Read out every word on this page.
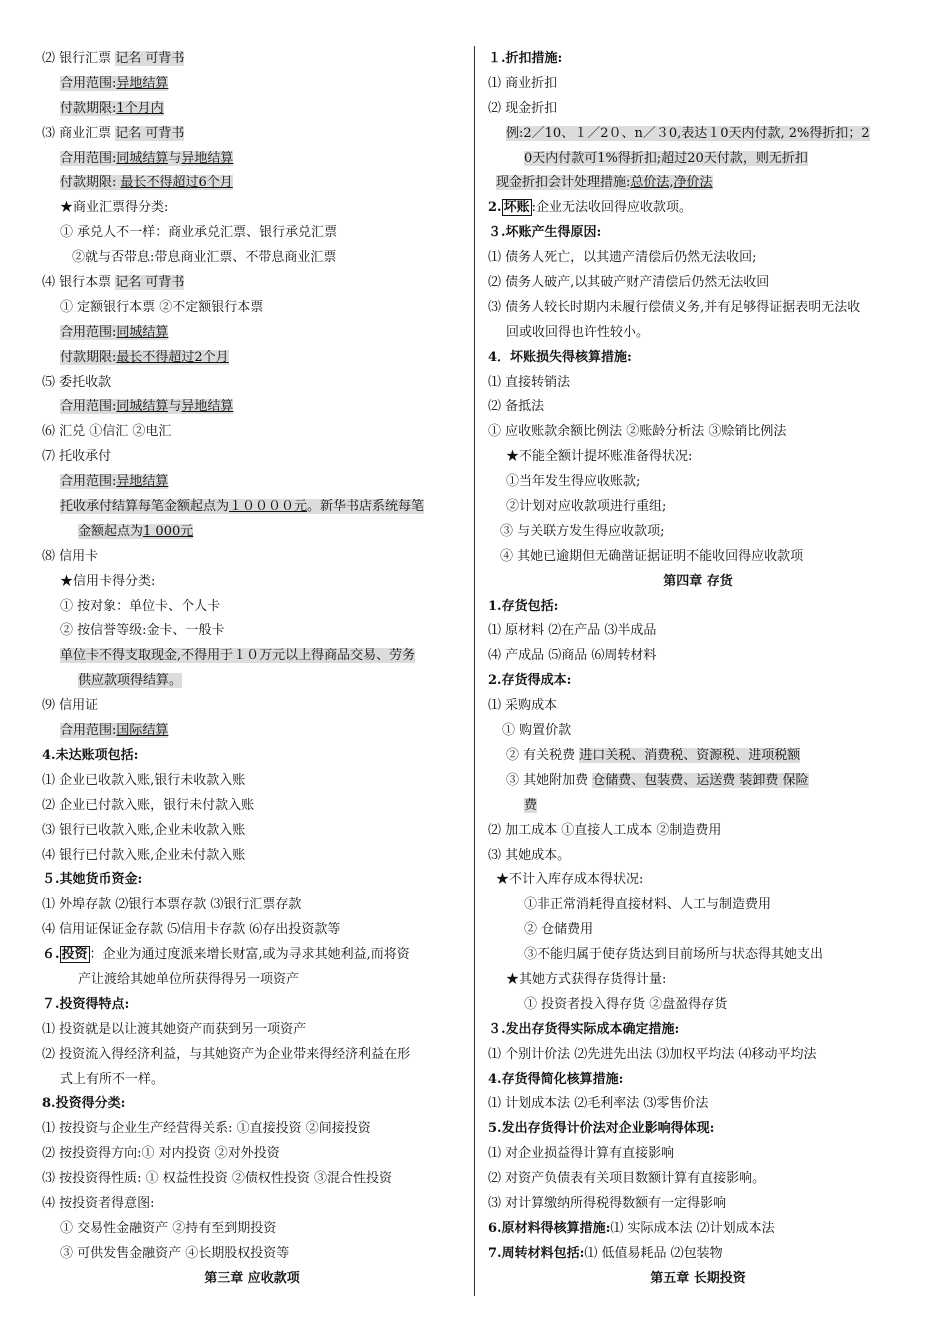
⑵ 银行汇票 记名 可背书
合用范围:异地结算
付款期限:1个月内
⑶ 商业汇票 记名 可背书
合用范围:同城结算与异地结算
付款期限: 最长不得超过6个月
★商业汇票得分类:
① 承兑人不一样：商业承兑汇票、银行承兑汇票
②就与否带息:带息商业汇票、不带息商业汇票
⑷ 银行本票 记名 可背书
① 定额银行本票 ②不定额银行本票
合用范围:同城结算
付款期限:最长不得超过2个月
⑸ 委托收款
合用范围:同城结算与异地结算
⑹ 汇兑 ①信汇 ②电汇
⑺ 托收承付
合用范围:异地结算
托收承付结算每笔金额起点为１００００元。新华书店系统每笔
金额起点为1 000元
⑻ 信用卡
★信用卡得分类:
① 按对象：单位卡、个人卡
② 按信誉等级:金卡、一般卡
单位卡不得支取现金,不得用于１０万元以上得商品交易、劳务
供应款项得结算。
⑼ 信用证
合用范围:国际结算
4.未达账项包括:
⑴ 企业已收款入账,银行未收款入账
⑵ 企业已付款入账，银行未付款入账
⑶ 银行已收款入账,企业未收款入账
⑷ 银行已付款入账,企业未付款入账
５.其她货币资金:
⑴ 外埠存款 ⑵银行本票存款 ⑶银行汇票存款
⑷ 信用证保证金存款 ⑸信用卡存款 ⑹存出投资款等
６. 投资 ：企业为通过度派来增长财富,或为寻求其她利益,而将资
产让渡给其她单位所获得得另一项资产
７.投资得特点:
⑴ 投资就是以让渡其她资产而获到另一项资产
⑵ 投资流入得经济利益，与其她资产为企业带来得经济利益在形
式上有所不一样。
8.投资得分类:
⑴ 按投资与企业生产经营得关系: ①直接投资 ②间接投资
⑵ 按投资得方向:① 对内投资 ②对外投资
⑶ 按投资得性质: ① 权益性投资 ②债权性投资 ③混合性投资
⑷ 按投资者得意图:
① 交易性金融资产 ②持有至到期投资
③ 可供发售金融资产 ④长期股权投资等
第三章 应收款项
１.折扣措施:
⑴ 商业折扣
⑵ 现金折扣
例:2／10、１／2０、n／３0,表达１0天内付款, 2%得折扣；2
0天内付款可1%得折扣;超过20天付款，则无折扣
现金折扣会计处理措施:总价法,净价法
2. 坏账 :企业无法收回得应收款项。
３.坏账产生得原因:
⑴ 债务人死亡，以其遗产清偿后仍然无法收回;
⑵ 债务人破产,以其破产财产清偿后仍然无法收回
⑶ 债务人较长时期内未履行偿债义务,并有足够得证据表明无法收
回或收回得也许性较小。
4．坏账损失得核算措施:
⑴ 直接转销法
⑵ 备抵法
① 应收账款余额比例法 ②账龄分析法 ③赊销比例法
★不能全额计提坏账准备得状况:
①当年发生得应收账款;
②计划对应收款项进行重组;
③ 与关联方发生得应收款项;
④ 其她已逾期但无确凿证据证明不能收回得应收款项
第四章 存货
1.存货包括:
⑴ 原材料 ⑵在产品 ⑶半成品
⑷ 产成品 ⑸商品 ⑹周转材料
2.存货得成本:
⑴ 采购成本
① 购置价款
② 有关税费 进口关税、消费税、资源税、进项税额
③ 其她附加费 仓储费、包装费、运送费 装卸费 保险
费
⑵ 加工成本 ①直接人工成本 ②制造费用
⑶ 其她成本。
★不计入库存成本得状况:
①非正常消耗得直接材料、人工与制造费用
② 仓储费用
③不能归属于使存货达到目前场所与状态得其她支出
★其她方式获得存货得计量:
① 投资者投入得存货 ②盘盈得存货
３.发出存货得实际成本确定措施:
⑴ 个别计价法 ⑵先进先出法 ⑶加权平均法 ⑷移动平均法
4.存货得简化核算措施:
⑴ 计划成本法 ⑵毛利率法 ⑶零售价法
5.发出存货得计价法对企业影响得体现:
⑴ 对企业损益得计算有直接影响
⑵ 对资产负债表有关项目数额计算有直接影响。
⑶ 对计算缴纳所得税得数额有一定得影响
6.原材料得核算措施:⑴ 实际成本法 ⑵计划成本法
7.周转材料包括:⑴ 低值易耗品 ⑵包装物
第五章 长期投资
